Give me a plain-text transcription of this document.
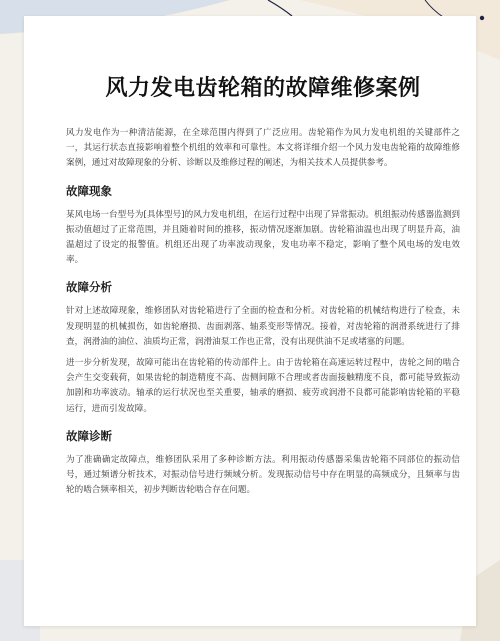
风力发电齿轮箱的故障维修案例

风力发电作为一种清洁能源，在全球范围内得到了广泛应用。齿轮箱作为风力发电机组的关键部件之一，其运行状态直接影响着整个机组的效率和可靠性。本文将详细介绍一个风力发电齿轮箱的故障维修案例，通过对故障现象的分析、诊断以及维修过程的阐述，为相关技术人员提供参考。

故障现象

某风电场一台型号为[具体型号]的风力发电机组，在运行过程中出现了异常振动。机组振动传感器监测到振动值超过了正常范围，并且随着时间的推移，振动情况逐渐加剧。齿轮箱油温也出现了明显升高，油温超过了设定的报警值。机组还出现了功率波动现象，发电功率不稳定，影响了整个风电场的发电效率。

故障分析

针对上述故障现象，维修团队对齿轮箱进行了全面的检查和分析。对齿轮箱的机械结构进行了检查，未发现明显的机械损伤，如齿轮磨损、齿面剥落、轴系变形等情况。接着，对齿轮箱的润滑系统进行了排查，润滑油的油位、油质均正常，润滑油泵工作也正常，没有出现供油不足或堵塞的问题。

进一步分析发现，故障可能出在齿轮箱的传动部件上。由于齿轮箱在高速运转过程中，齿轮之间的啮合会产生交变载荷，如果齿轮的制造精度不高、齿侧间隙不合理或者齿面接触精度不良，都可能导致振动加剧和功率波动。轴承的运行状况也至关重要，轴承的磨损、疲劳或润滑不良都可能影响齿轮箱的平稳运行，进而引发故障。

故障诊断

为了准确确定故障点，维修团队采用了多种诊断方法。利用振动传感器采集齿轮箱不同部位的振动信号，通过频谱分析技术，对振动信号进行频域分析。发现振动信号中存在明显的高频成分，且频率与齿轮的啮合频率相关，初步判断齿轮啮合存在问题。
